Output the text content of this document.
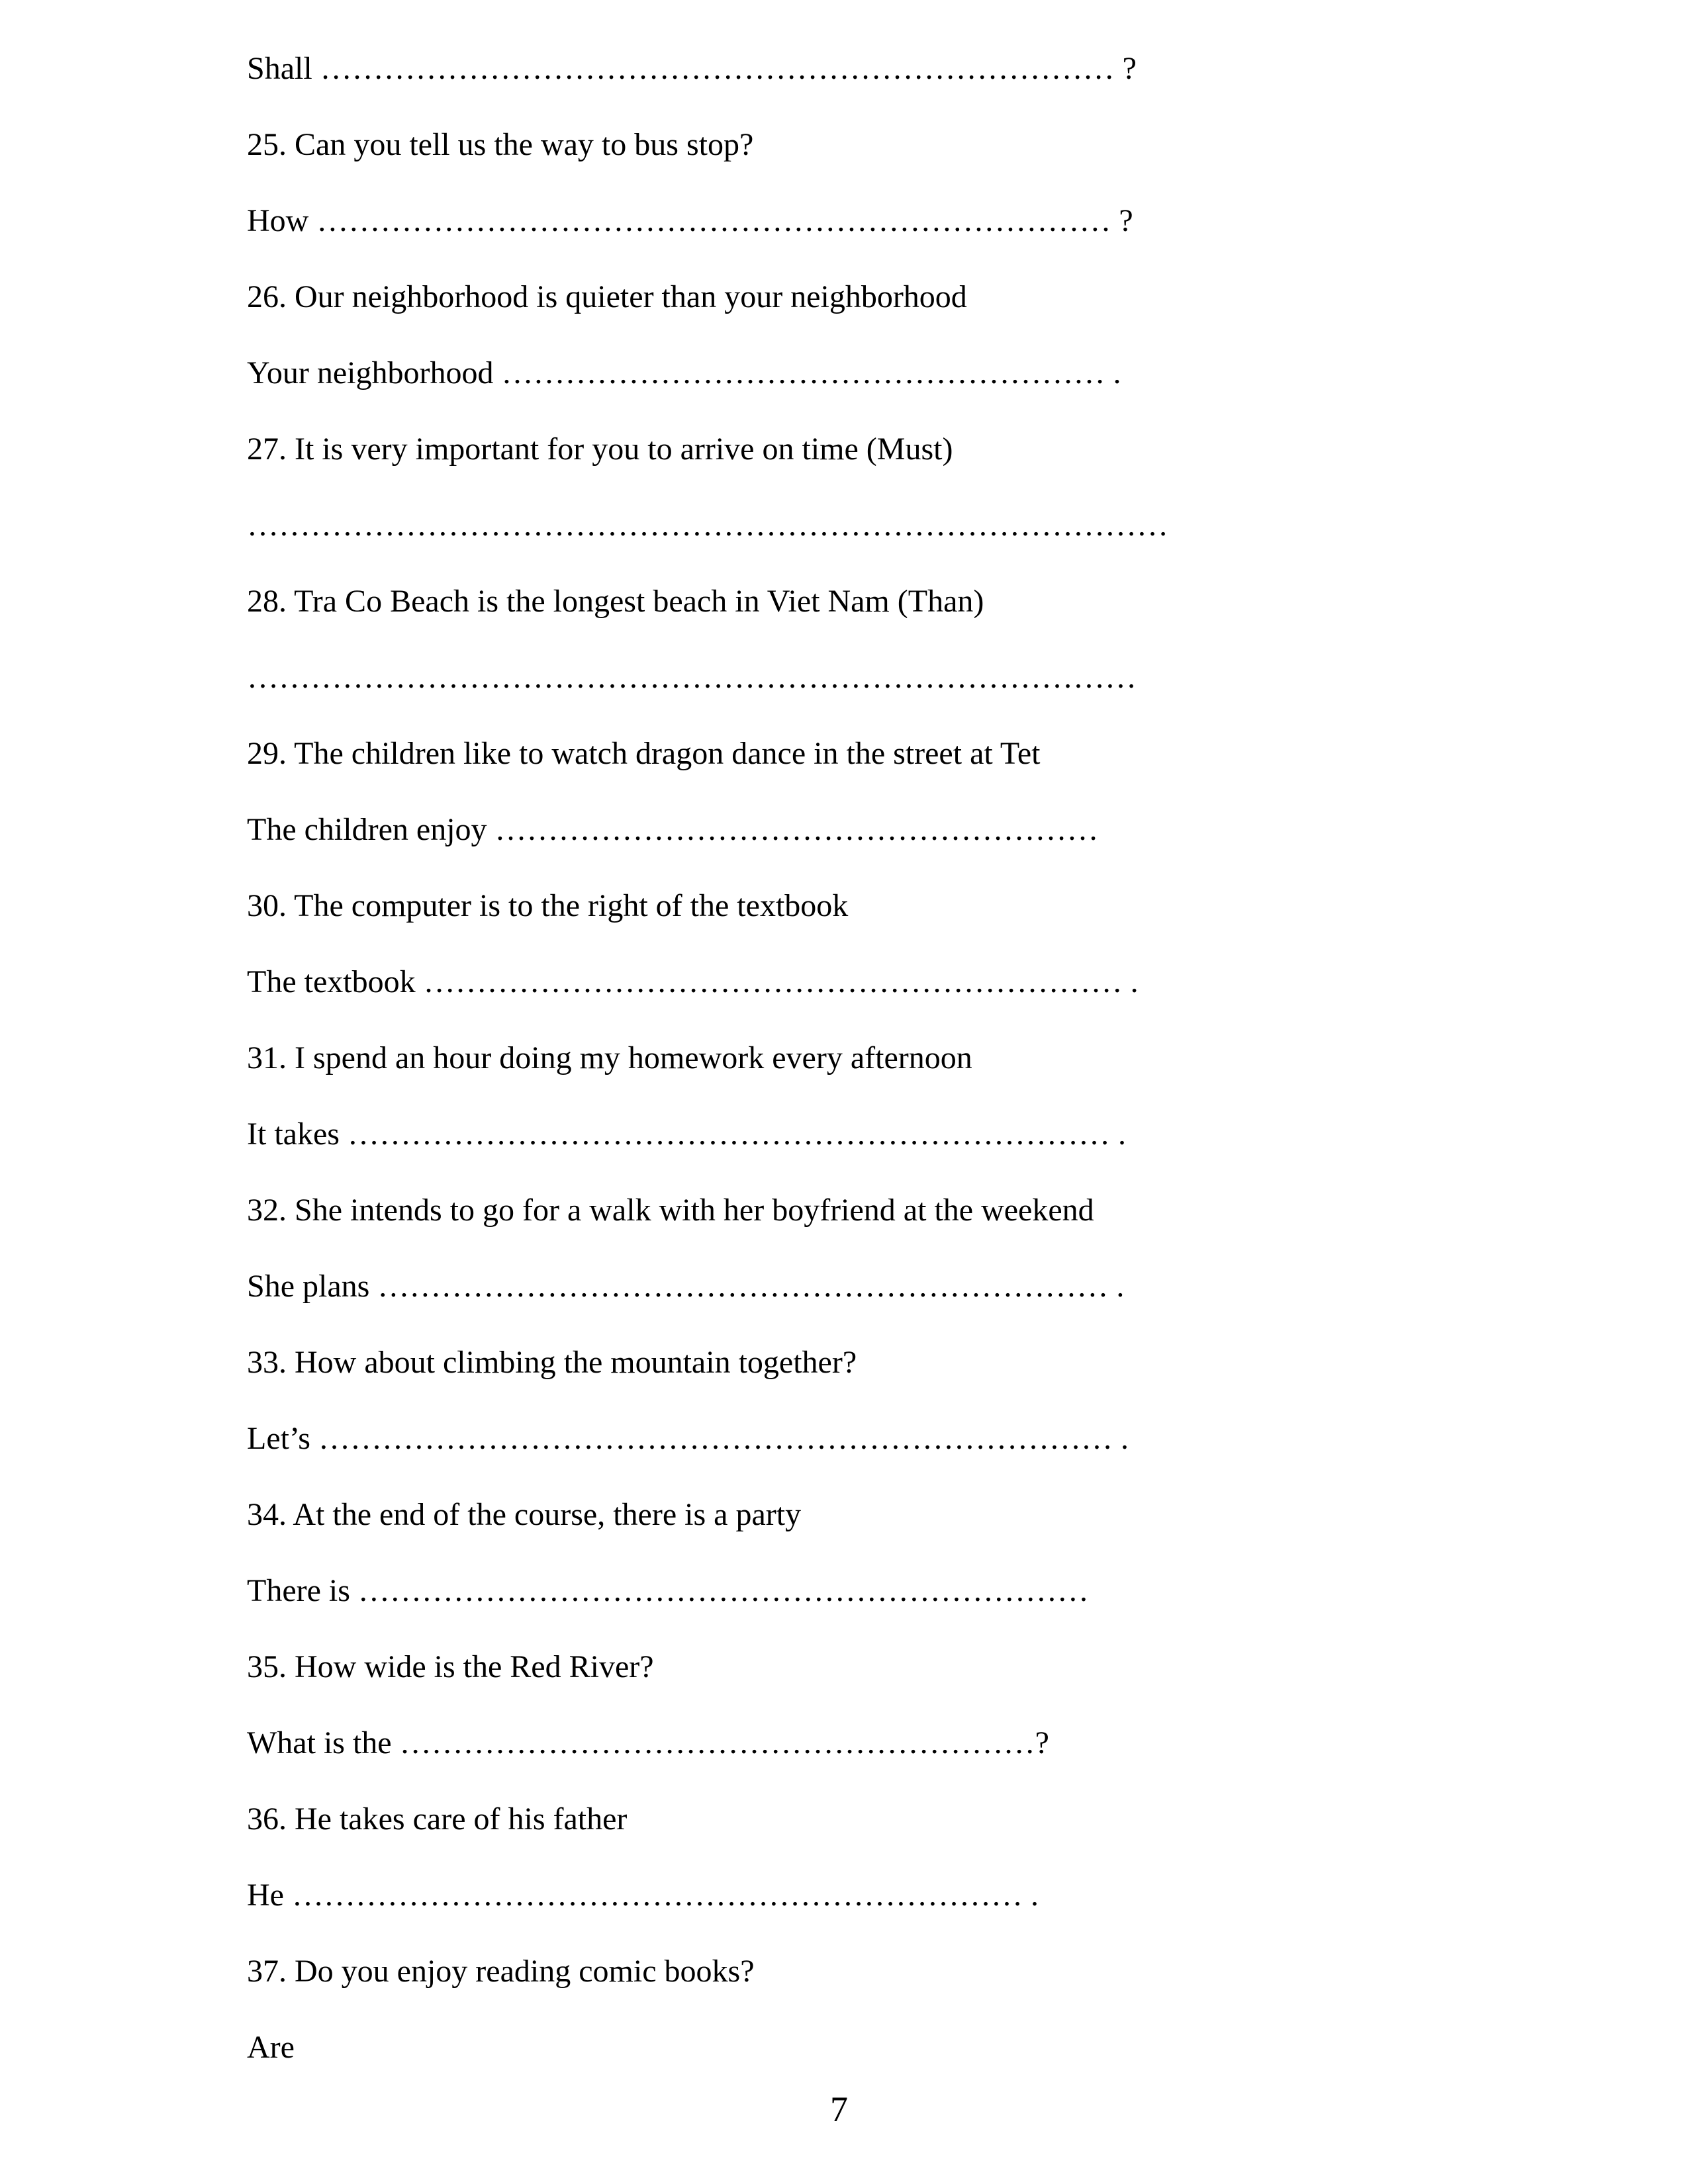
Shall ………………………………………………………………… ?
25. Can you tell us the way to bus stop?
How ………………………………………………………………… ?
26. Our neighborhood is quieter than your neighborhood
Your neighborhood ………………………………………………… .
27. It is very important for you to arrive on time (Must)
……………………………………………………………………………
28. Tra Co Beach is the longest beach in Viet Nam (Than)
…………………………………………………………………………
29. The children like to watch dragon dance in the street at Tet
The children enjoy …………………………………………………
30. The computer is to the right of the textbook
The textbook ………………………………………………………… .
31. I spend an hour doing my homework every afternoon
It takes ……………………………………………………………… .
32. She intends to go for a walk with her boyfriend at the weekend
She plans …………………………………………………………… .
33. How about climbing the mountain together?
Let’s ………………………………………………………………… .
34. At the end of the course, there is a party
There is ……………………………………………………………
35. How wide is the Red River?
What is the ……………………………………………………?
36. He takes care of his father
He …………………………………………………………… .
37. Do you enjoy reading comic books?
Are
7
